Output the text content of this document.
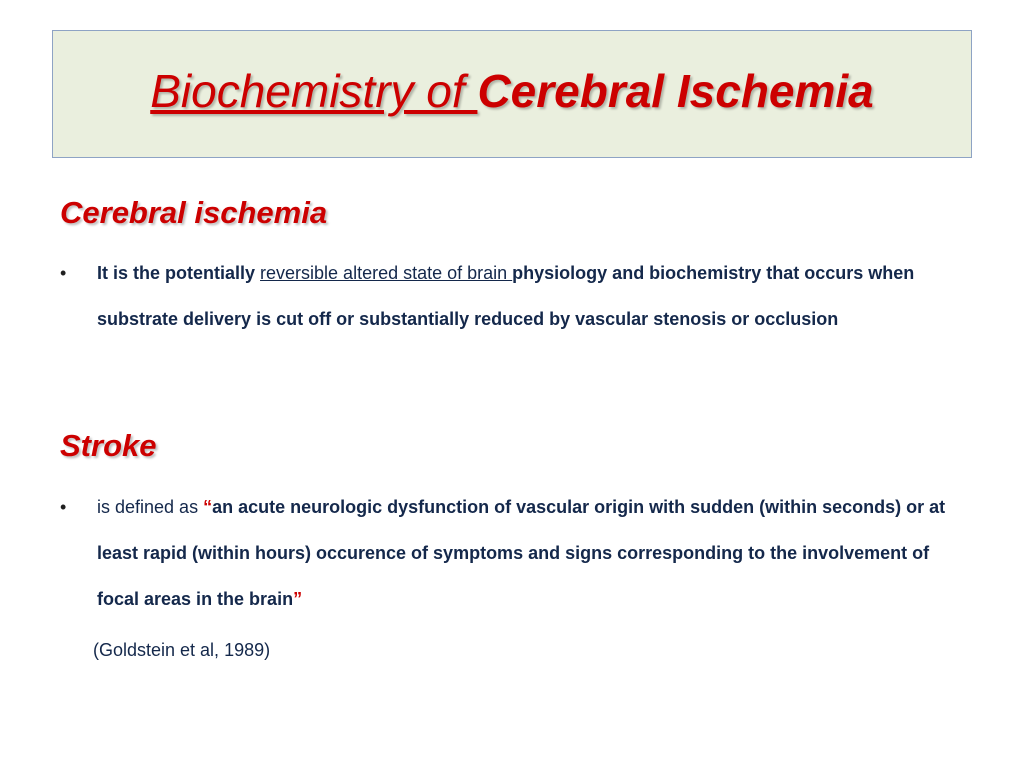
Biochemistry of Cerebral Ischemia
Cerebral ischemia
• It is the potentially reversible altered state of brain physiology and biochemistry that occurs when substrate delivery is cut off or substantially reduced by vascular stenosis or occlusion
Stroke
• is defined as “an acute neurologic dysfunction of vascular origin with sudden (within seconds) or at least rapid (within hours) occurence of symptoms and signs corresponding to the involvement of focal areas in the brain”
(Goldstein et al, 1989)
